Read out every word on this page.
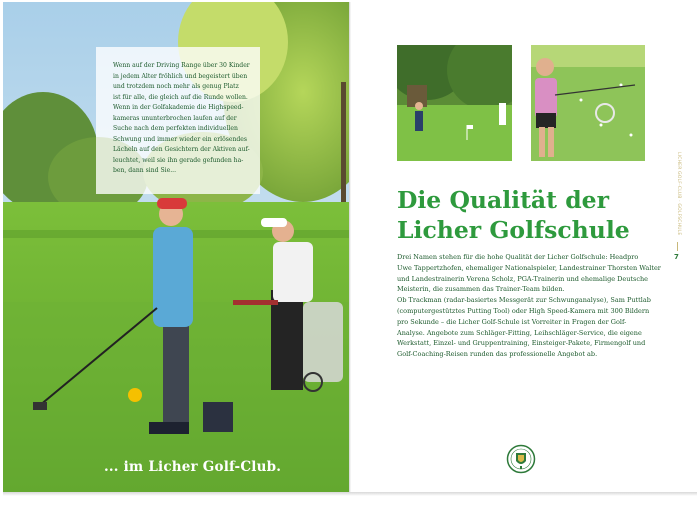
Wenn auf der Driving Range über 30 Kinder
in jedem Alter fröhlich und begeistert üben
und trotzdem noch mehr als genug Platz
ist für alle, die gleich auf die Runde wollen.
Wenn in der Golfakademie die Highspeed-
kameras ununterbrochen laufen auf der
Suche nach dem perfekten individuellen
Schwung und immer wieder ein erlösendes
Lächeln auf den Gesichtern der Aktiven auf-
leuchtet, weil sie ihn gerade gefunden ha-
ben, dann sind Sie...

... im Licher Golf-Club.
Die Qualität der
Licher Golfschule
Drei Namen stehen für die hohe Qualität der Licher Golfschule: Headpro
Uwe Tappertzhofen, ehemaliger Nationalspieler, Landestrainer Thorsten Walter
und Landestrainerin Verena Scholz, PGA-Trainerin und ehemalige Deutsche
Meisterin, die zusammen das Trainer-Team bilden.
Ob Trackman (radar-basiertes Messgerät zur Schwunganalyse), Sam Puttlab
(computergestütztes Putting Tool) oder High Speed-Kamera mit 300 Bildern
pro Sekunde – die Licher Golf-Schule ist Vorreiter in Fragen der Golf-
Analyse. Angebote zum Schläger-Fitting, Leihschläger-Service, die eigene
Werkstatt, Einzel- und Gruppentraining, Einsteiger-Pakete, Firmengolf und
Golf-Coaching-Reisen runden das professionelle Angebot ab.
LICHER GOLF-CLUB · GOLFSCHULE
7
